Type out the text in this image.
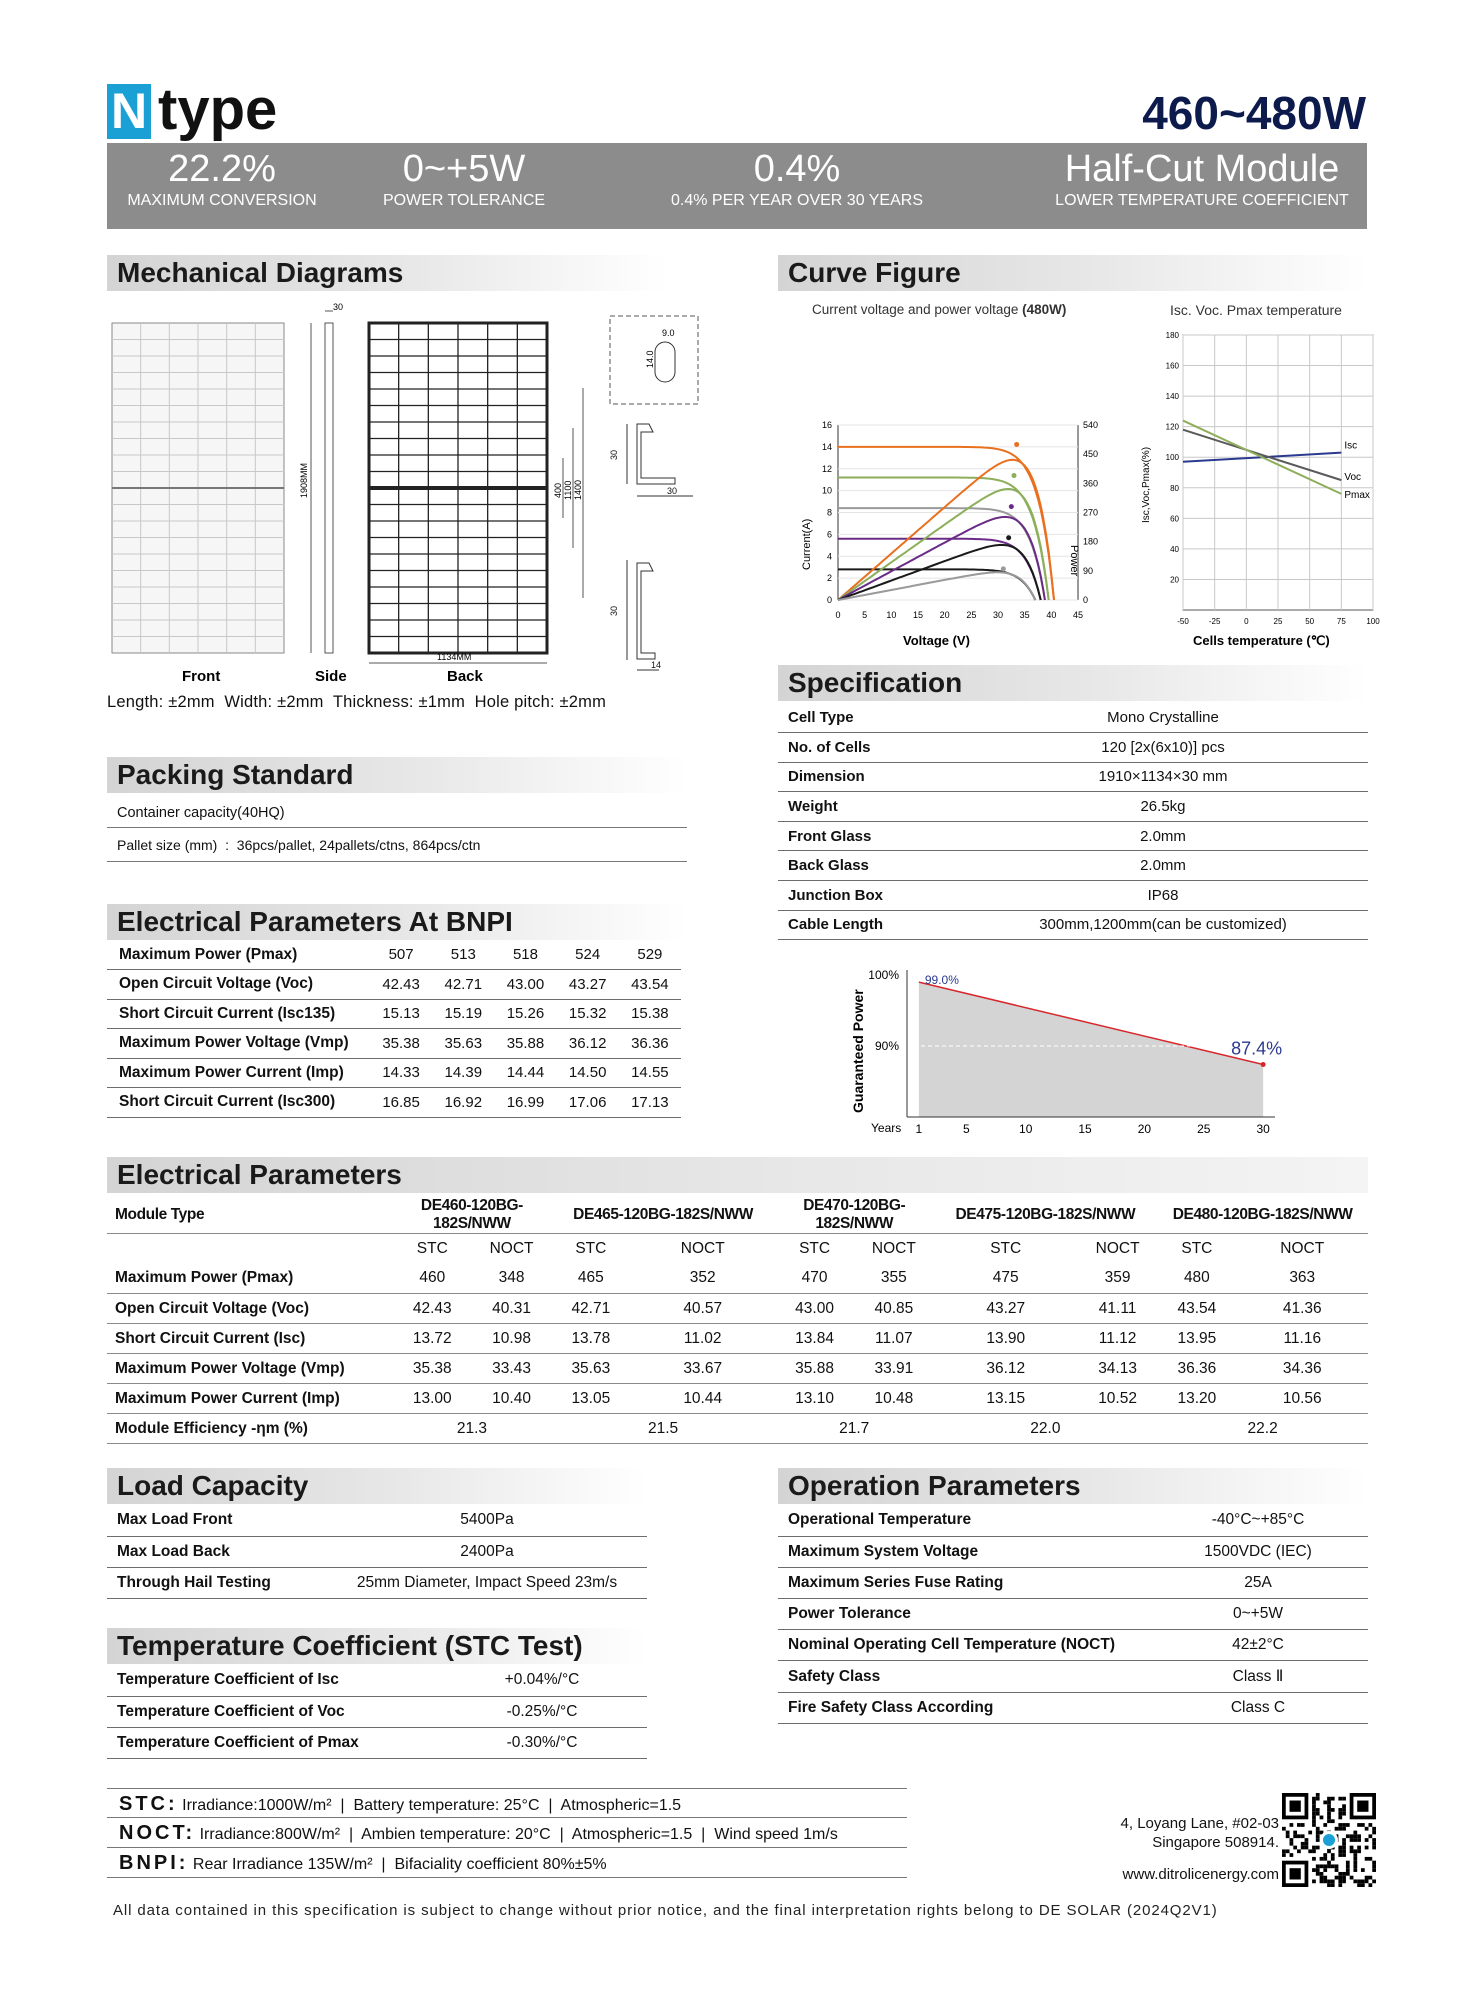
N type	460~480W
22.2%
MAXIMUM CONVERSION
0~+5W
POWER TOLERANCE
0.4%
0.4% PER YEAR OVER 30 YEARS
Half-Cut Module
LOWER TEMPERATURE COEFFICIENT
Mechanical Diagrams
1908MM
30
1134MM
400 1100 1400
9.0
14.0
30
30
14
30
Front	Side	Back
Length: ±2mm  Width: ±2mm  Thickness: ±1mm  Hole pitch: ±2mm
Packing Standard
Container capacity(40HQ)
Pallet size (mm)  :  36pcs/pallet, 24pallets/ctns, 864pcs/ctn
Electrical Parameters At BNPI
Maximum Power (Pmax)	507	513	518	524	529
Open Circuit Voltage (Voc)	42.43	42.71	43.00	43.27	43.54
Short Circuit Current (Isc135)	15.13	15.19	15.26	15.32	15.38
Maximum Power Voltage (Vmp)	35.38	35.63	35.88	36.12	36.36
Maximum Power Current (Imp)	14.33	14.39	14.44	14.50	14.55
Short Circuit Current (Isc300)	16.85	16.92	16.99	17.06	17.13
Curve Figure
Current voltage and power voltage (480W)	Isc. Voc. Pmax temperature
0
2
4
6
8
10
12
14
16
0
90
180
270
360
450
540
0 5 10 15 20 25 30 35 40 45
-50	-25	0	25	50	75	100
20
40
60
80
100
120
140
160
180
Isc
Voc
Pmax
Voltage (V)
Current(A)	Power
Cells temperature (℃)
Isc,Voc,Pmax(%)
Specification
Cell Type	Mono Crystalline
No. of Cells	120 [2x(6x10)] pcs
Dimension	1910×1134×30 mm
Weight	26.5kg
Front Glass	2.0mm
Back Glass	2.0mm
Junction Box	IP68
Cable Length	300mm,1200mm(can be customized)
100%
90%
99.0%
87.4%
1	5	10	15	20	25	30
Guaranteed Power
Years
Electrical Parameters
Module Type	DE460-120BG-182S/NWW		DE465-120BG-182S/NWW		DE470-120BG-182S/NWW		DE475-120BG-182S/NWW		DE480-120BG-182S/NWW	
	STC	NOCT	STC	NOCT	STC	NOCT	STC	NOCT	STC	NOCT
Maximum Power (Pmax)	460	348	465	352	470	355	475	359	480	363
Open Circuit Voltage (Voc)	42.43	40.31	42.71	40.57	43.00	40.85	43.27	41.11	43.54	41.36
Short Circuit Current (Isc)	13.72	10.98	13.78	11.02	13.84	11.07	13.90	11.12	13.95	11.16
Maximum Power Voltage (Vmp)	35.38	33.43	35.63	33.67	35.88	33.91	36.12	34.13	36.36	34.36
Maximum Power Current (Imp)	13.00	10.40	13.05	10.44	13.10	10.48	13.15	10.52	13.20	10.56
Module Efficiency -ηm (%)	21.3		21.5		21.7		22.0		22.2	
Load Capacity
Max Load Front	5400Pa
Max Load Back	2400Pa
Through Hail Testing	25mm Diameter, Impact Speed 23m/s
Temperature Coefficient (STC Test)
Temperature Coefficient of Isc	+0.04%/°C
Temperature Coefficient of Voc	-0.25%/°C
Temperature Coefficient of Pmax	-0.30%/°C
Operation Parameters
Operational Temperature	-40°C~+85°C
Maximum System Voltage	1500VDC (IEC)
Maximum Series Fuse Rating	25A
Power Tolerance	0~+5W
Nominal Operating Cell Temperature (NOCT)	42±2°C
Safety Class	Class Ⅱ
Fire Safety Class According	Class C
STC: Irradiance:1000W/m²  |  Battery temperature: 25°C  |  Atmospheric=1.5
NOCT: Irradiance:800W/m²  |  Ambien temperature: 20°C  |  Atmospheric=1.5  |  Wind speed 1m/s
BNPI: Rear Irradiance 135W/m²  |  Bifaciality coefficient 80%±5%
4, Loyang Lane, #02-03
Singapore 508914.
www.ditrolicenergy.com
All data contained in this specification is subject to change without prior notice, and the final interpretation rights belong to DE SOLAR (2024Q2V1)
